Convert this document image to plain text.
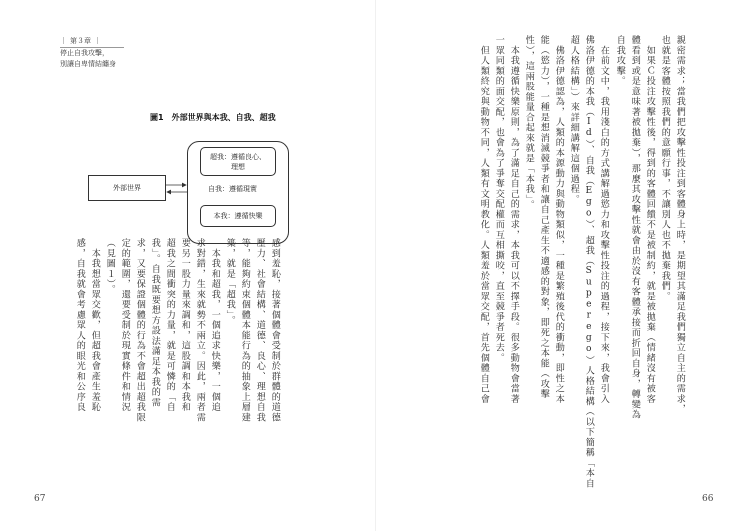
｜ 第３章 ｜
停止自我攻擊，
別讓自卑情結纏身
圖1　外部世界與本我、自我、超我
外部世界
超我：遵循良心、
理想
自我：遵循現實
本我：遵循快樂
感到羞恥，接著個體會受制於群體的道德
壓力、社會結構、道德、良心、理想自我
等，能夠約束個體本能行為的抽象上層建
築，就是「超我」。
　本我和超我，一個追求快樂，一個追
求對錯，生來就勢不兩立。因此，兩者需
要另一股力量來調和，這股調和本我和
超我之間衝突的力量，就是可憐的「自
我」。自我既要想方設法滿足本我的需
求，又要保證個體的行為不會超出超我限
定的範圍，還要受制於現實條件和情況
（見圖１）。
　本我想當眾交歡，但超我會產生羞恥
感，自我就會考慮眾人的眼光和公序良
67
親密需求；當我們把攻擊性投注到客體身上時，是期望其滿足我們獨立自主的需求，
也就是客體按照我們的意願行事，不讓別人也不拋棄我們。
　如果Ｃ投注攻擊性後，得到的客體回饋不是被制約，就是被拋棄（情緒沒有被客
體看到或是意味著被拋棄），那麼其攻擊性就會由於沒有客體承接而折回自身，轉變為
自我攻擊。
　在前文中，我用淺白的方式講解過慾力和攻擊性投注的過程，接下來，我會引入
佛洛伊德的本我（Id）、自我（Ego）、超我（Superego）人格結構（以下簡稱「本自
超人格結構」）來詳細講解這個過程。
　佛洛伊德認為，人類的本源動力與動物類似，一種是繁殖後代的衝動，即性之本
能（慾力），一種是想消滅競爭者和讓自己產生不適感的對象，即死之本能（攻擊
性），這兩股能量合起來就是「本我」。
　本我遵循快樂原則，為了滿足自己的需求，本我可以不擇手段。很多動物會當著
一眾同類的面交配，也會為了爭奪交配權而互相撕咬，直至競爭者死去。
　但人類終究與動物不同，人類有文明教化。人類羞於當眾交配，首先個體自己會
66
